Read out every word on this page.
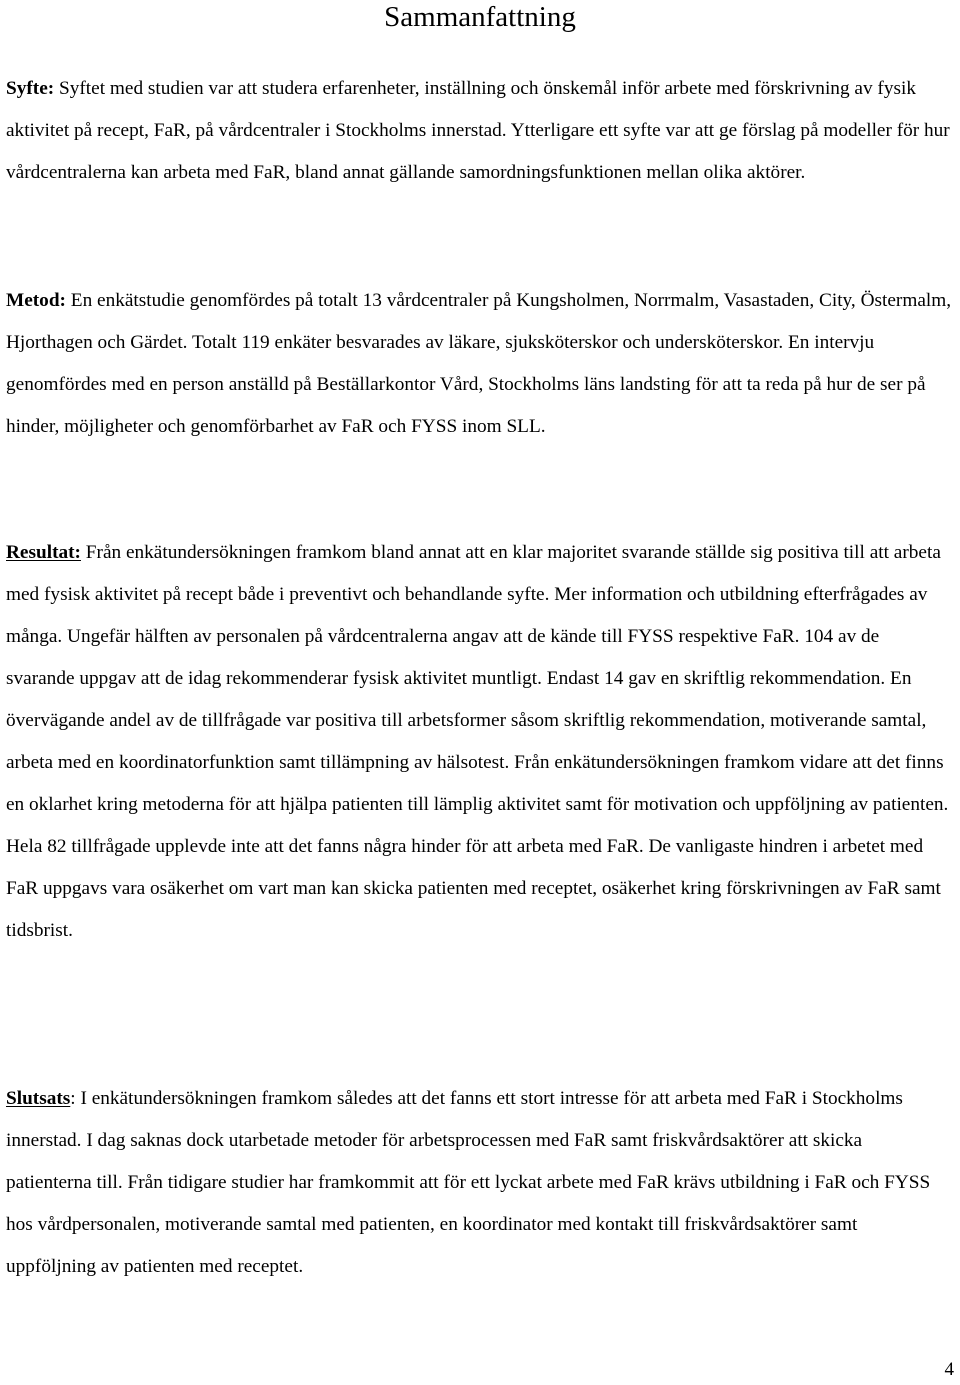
Sammanfattning

Syfte: Syftet med studien var att studera erfarenheter, inställning och önskemål inför arbete med förskrivning av fysik aktivitet på recept, FaR, på vårdcentraler i Stockholms innerstad. Ytterligare ett syfte var att ge förslag på modeller för hur vårdcentralerna kan arbeta med FaR, bland annat gällande samordningsfunktionen mellan olika aktörer.

Metod: En enkätstudie genomfördes på totalt 13 vårdcentraler på Kungsholmen, Norrmalm, Vasastaden, City, Östermalm, Hjorthagen och Gärdet. Totalt 119 enkäter besvarades av läkare, sjuksköterskor och undersköterskor. En intervju genomfördes med en person anställd på Beställarkontor Vård, Stockholms läns landsting för att ta reda på hur de ser på hinder, möjligheter och genomförbarhet av FaR och FYSS inom SLL.

Resultat: Från enkätundersökningen framkom bland annat att en klar majoritet svarande ställde sig positiva till att arbeta med fysisk aktivitet på recept både i preventivt och behandlande syfte. Mer information och utbildning efterfrågades av många. Ungefär hälften av personalen på vårdcentralerna angav att de kände till FYSS respektive FaR. 104 av de svarande uppgav att de idag rekommenderar fysisk aktivitet muntligt. Endast 14 gav en skriftlig rekommendation. En övervägande andel av de tillfrågade var positiva till arbetsformer såsom skriftlig rekommendation, motiverande samtal, arbeta med en koordinatorfunktion samt tillämpning av hälsotest. Från enkätundersökningen framkom vidare att det finns en oklarhet kring metoderna för att hjälpa patienten till lämplig aktivitet samt för motivation och uppföljning av patienten. Hela 82 tillfrågade upplevde inte att det fanns några hinder för att arbeta med FaR. De vanligaste hindren i arbetet med FaR uppgavs vara osäkerhet om vart man kan skicka patienten med receptet, osäkerhet kring förskrivningen av FaR samt tidsbrist.

Slutsats: I enkätundersökningen framkom således att det fanns ett stort intresse för att arbeta med FaR i Stockholms innerstad. I dag saknas dock utarbetade metoder för arbetsprocessen med FaR samt friskvårdsaktörer att skicka patienterna till. Från tidigare studier har framkommit att för ett lyckat arbete med FaR krävs utbildning i FaR och FYSS hos vårdpersonalen, motiverande samtal med patienten, en koordinator med kontakt till friskvårdsaktörer samt uppföljning av patienten med receptet.

4
